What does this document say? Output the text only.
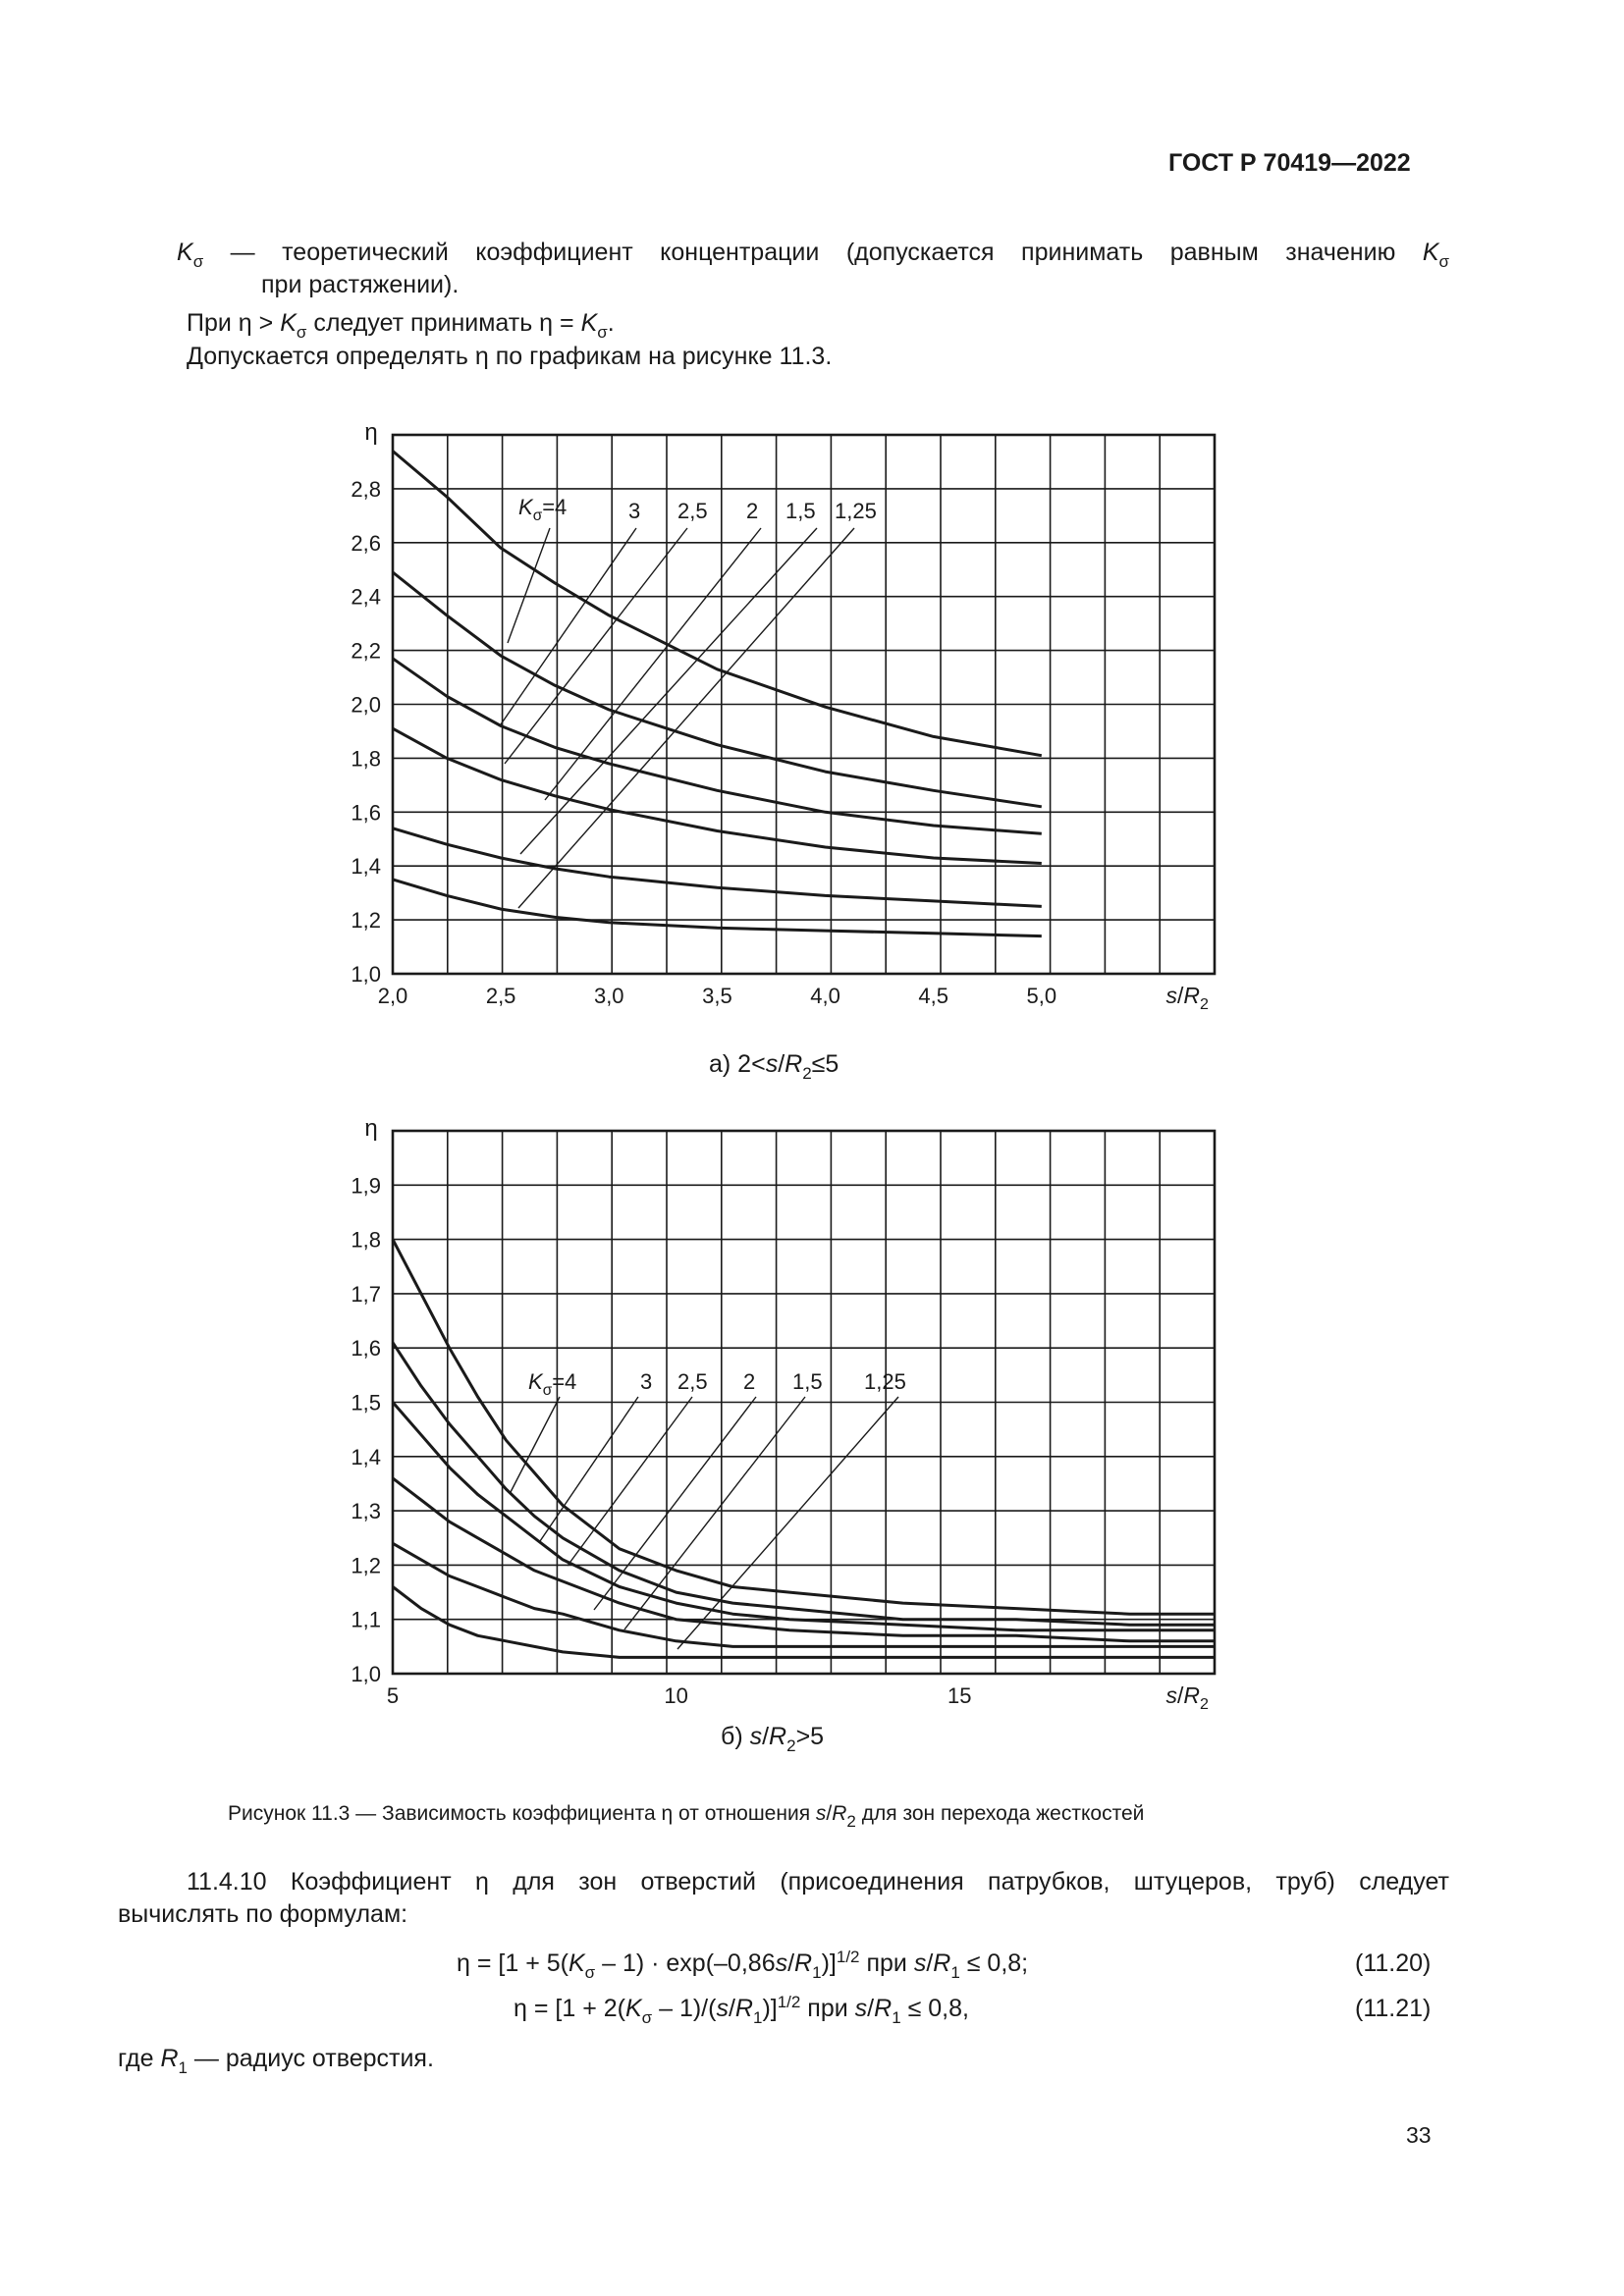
ГОСТ Р 70419—2022
$K_\sigma$ — теоретический коэффициент концентрации (допускается принимать равным значению $K_\sigma$
при растяжении).
При $\eta > K_\sigma$ следует принимать $\eta = K_\sigma$.
Допускается определять η по графикам на рисунке 11.3.
1,0
1,2
1,4
1,6
1,8
2,0
2,2
2,4
2,6
2,8
2,0	2,5	3,0	3,5	4,0	4,5	5,0
η
$s/R_2$
$K_\sigma=4$	3 2,5 2 1,5 1,25
а) $2<s/R_2\le 5$
1,0
1,1
1,2
1,3
1,4
1,5
1,6
1,7
1,8
1,9
5	10	15
η
$s/R_2$
$K_\sigma=4$	3 2,5 2 1,5 1,25
б) $s/R_2>5$
Рисунок 11.3 — Зависимость коэффициента η от отношения $s/R_2$ для зон перехода жесткостей
11.4.10 Коэффициент η для зон отверстий (присоединения патрубков, штуцеров, труб) следует
вычислять по формулам:
$\eta = [1 + 5(K_\sigma - 1) \cdot \exp(-0,86s/R_1)]^{1/2}$ при $s/R_1 \le 0,8$;	(11.20)
$\eta = [1 + 2(K_\sigma - 1)/(s/R_1)]^{1/2}$ при $s/R_1 \le 0,8$,	(11.21)
где $R_1$ — радиус отверстия.
33
